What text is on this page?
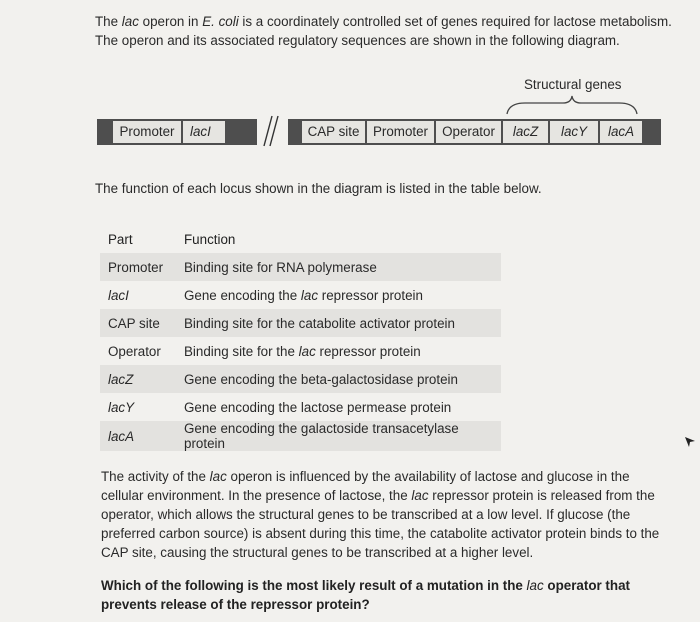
The lac operon in E. coli is a coordinately controlled set of genes required for lactose metabolism. The operon and its associated regulatory sequences are shown in the following diagram.
Structural genes
Promoter	lacI	CAP site	Promoter	Operator	lacZ	lacY	lacA
The function of each locus shown in the diagram is listed in the table below.
Part	Function
Promoter	Binding site for RNA polymerase
lacI	Gene encoding the lac repressor protein
CAP site	Binding site for the catabolite activator protein
Operator	Binding site for the lac repressor protein
lacZ	Gene encoding the beta-galactosidase protein
lacY	Gene encoding the lactose permease protein
lacA	Gene encoding the galactoside transacetylase protein
The activity of the lac operon is influenced by the availability of lactose and glucose in the cellular environment. In the presence of lactose, the lac repressor protein is released from the operator, which allows the structural genes to be transcribed at a low level. If glucose (the preferred carbon source) is absent during this time, the catabolite activator protein binds to the CAP site, causing the structural genes to be transcribed at a higher level.
Which of the following is the most likely result of a mutation in the lac operator that prevents release of the repressor protein?
